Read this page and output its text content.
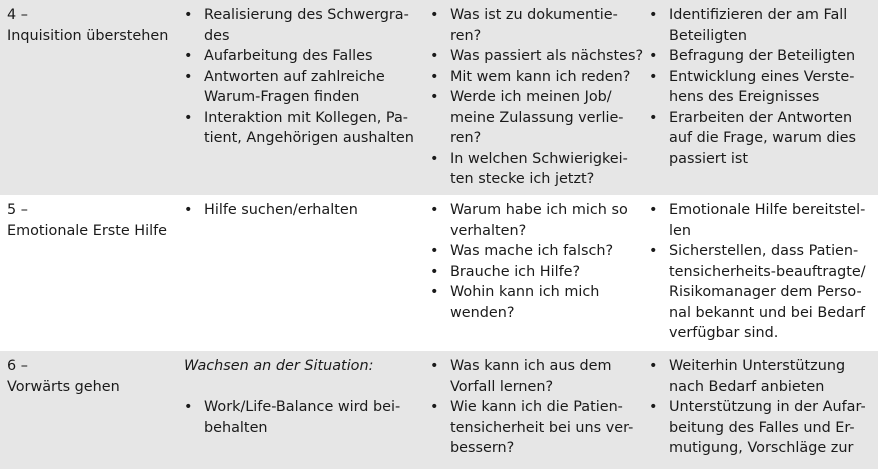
4 –
Inquisition überstehen
• Realisierung des Schwergra-
des
• Aufarbeitung des Falles
• Antworten auf zahlreiche
Warum-Fragen finden
• Interaktion mit Kollegen, Pa-
tient, Angehörigen aushalten
• Was ist zu dokumentie-
ren?
• Was passiert als nächstes?
• Mit wem kann ich reden?
• Werde ich meinen Job/
meine Zulassung verlie-
ren?
• In welchen Schwierigkei-
ten stecke ich jetzt?
• Identifizieren der am Fall
Beteiligten
• Befragung der Beteiligten
• Entwicklung eines Verste-
hens des Ereignisses
• Erarbeiten der Antworten
auf die Frage, warum dies
passiert ist
5 –
Emotionale Erste Hilfe
• Hilfe suchen/erhalten
•	Warum habe ich mich so
verhalten?
• Was mache ich falsch?
• Brauche ich Hilfe?
• Wohin kann ich mich
wenden?
• Emotionale Hilfe bereitstel-
len
• Sicherstellen, dass Patien-
tensicherheits-beauftragte/
Risikomanager dem Perso-
nal bekannt und bei Bedarf
verfügbar sind.
6 –
Vorwärts gehen
Wachsen an der Situation:
• Work/Life-Balance wird bei-
behalten
• Was kann ich aus dem
Vorfall lernen?
• Wie kann ich die Patien-
tensicherheit bei uns ver-
bessern?
• Weiterhin Unterstützung
nach Bedarf anbieten
• Unterstützung in der Aufar-
beitung des Falles und Er-
mutigung, Vorschläge zur
